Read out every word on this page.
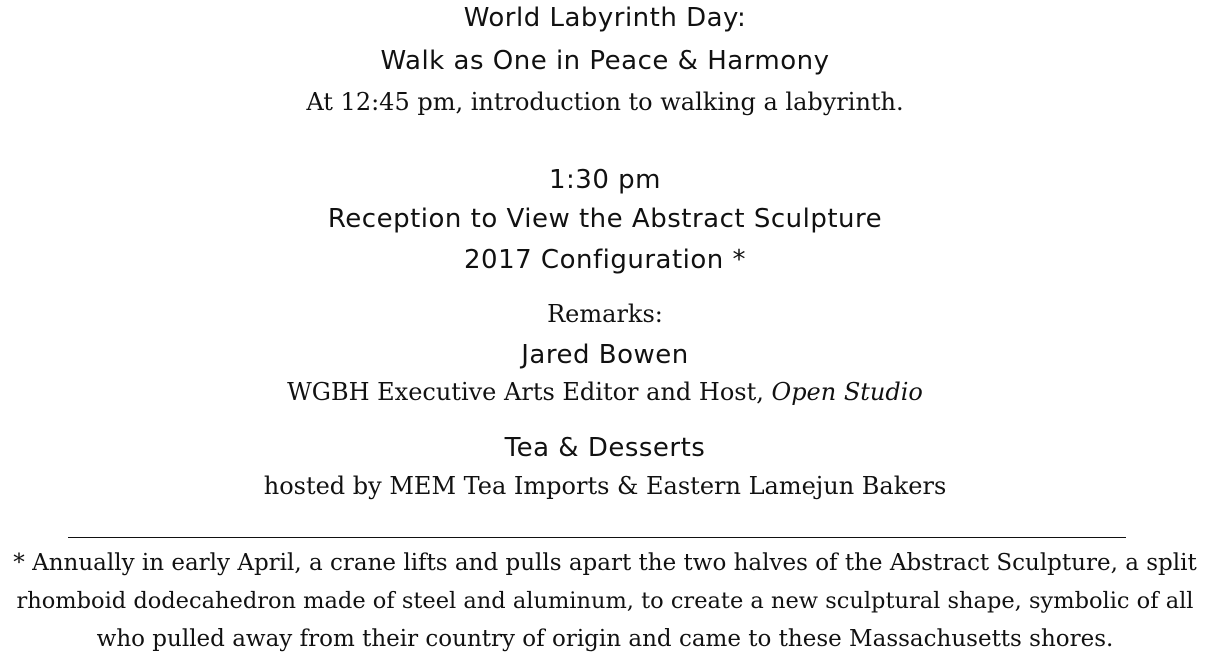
World Labyrinth Day:
Walk as One in Peace & Harmony
At 12:45 pm, introduction to walking a labyrinth.
1:30 pm
Reception to View the Abstract Sculpture
2017 Configuration *
Remarks:
Jared Bowen
WGBH Executive Arts Editor and Host, Open Studio
Tea & Desserts
hosted by MEM Tea Imports & Eastern Lamejun Bakers
* Annually in early April, a crane lifts and pulls apart the two halves of the Abstract Sculpture, a split
rhomboid dodecahedron made of steel and aluminum, to create a new sculptural shape, symbolic of all
who pulled away from their country of origin and came to these Massachusetts shores.
